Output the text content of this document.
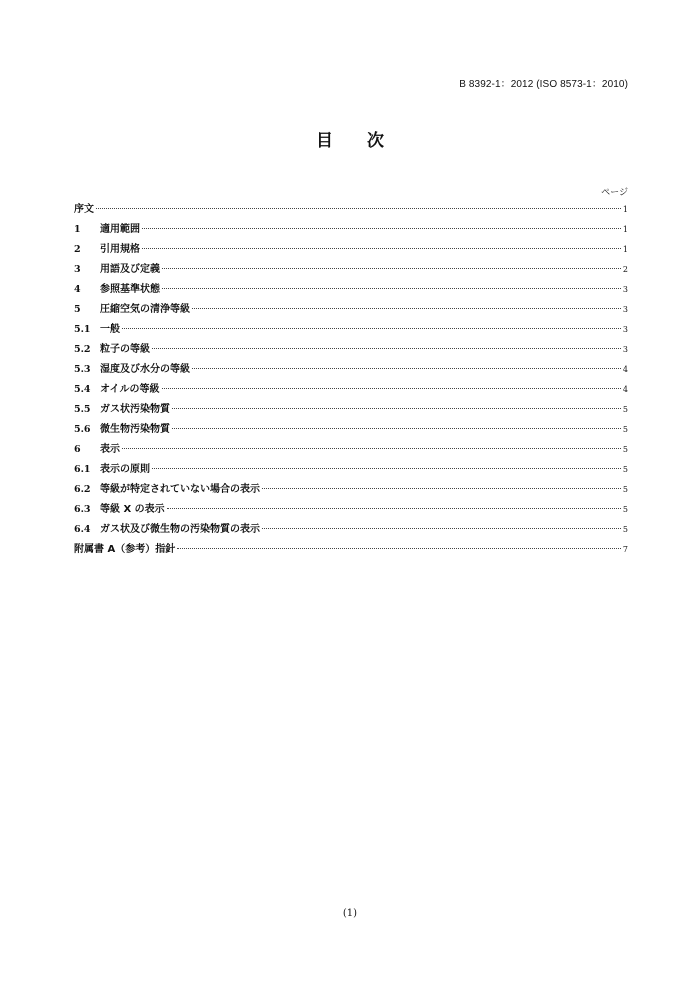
B 8392-1：2012 (ISO 8573-1：2010)
目 次
ページ
序文	1
1	適用範囲	1
2	引用規格	1
3	用語及び定義	2
4	参照基準状態	3
5	圧縮空気の清浄等級	3
5.1 一般	3
5.2 粒子の等級	3
5.3 湿度及び水分の等級	4
5.4 オイルの等級	4
5.5 ガス状汚染物質	5
5.6 微生物汚染物質	5
6	表示	5
6.1 表示の原則	5
6.2 等級が特定されていない場合の表示	5
6.3 等級 X の表示	5
6.4 ガス状及び微生物の汚染物質の表示	5
附属書 A（参考）指針	7
(1)
